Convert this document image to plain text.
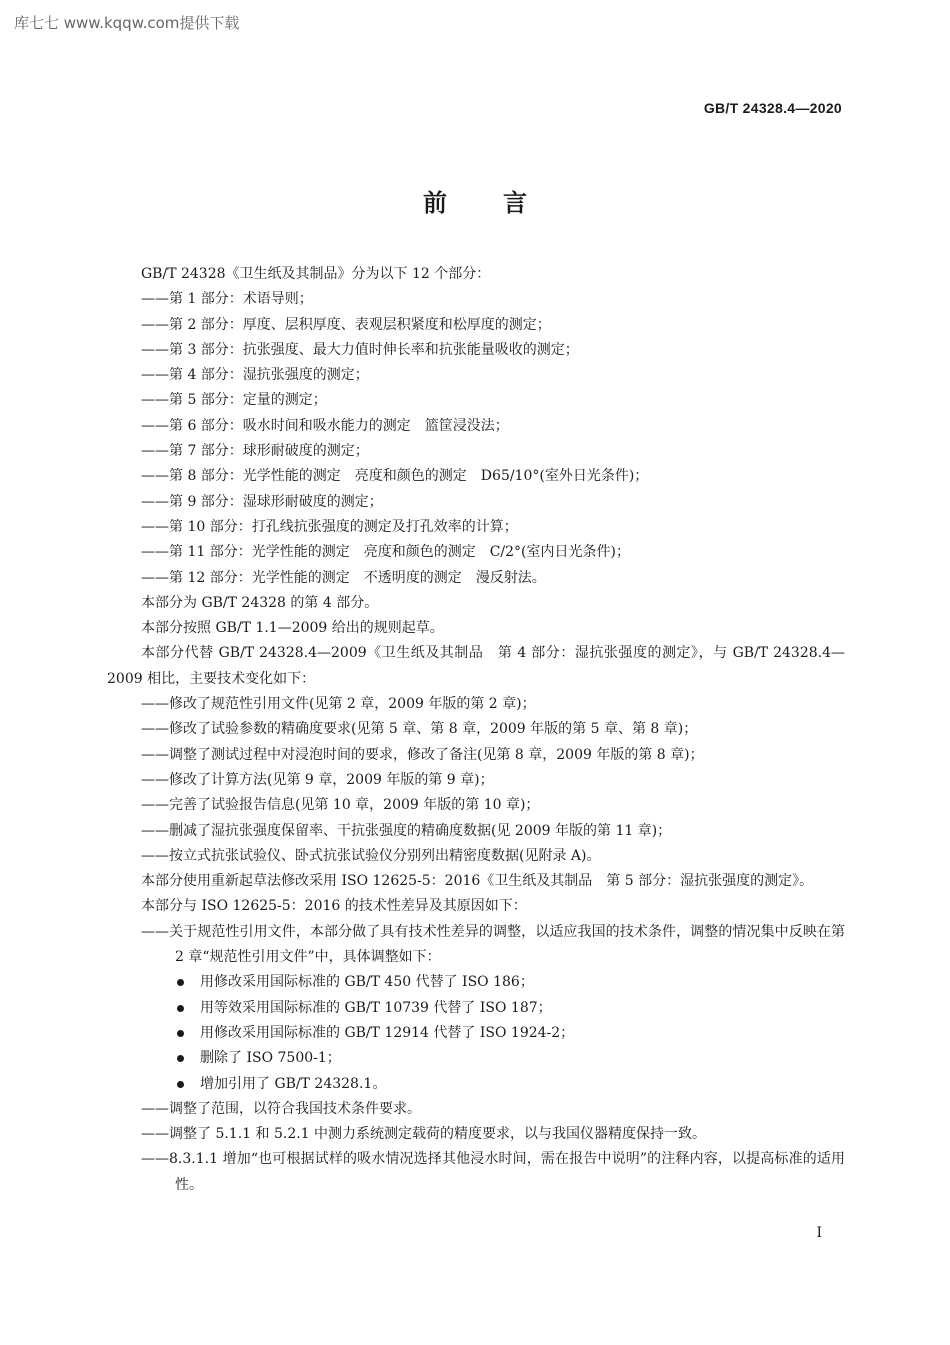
库七七 www.kqqw.com提供下载
GB/T 24328.4—2020
前言

GB/T 24328《卫生纸及其制品》分为以下 12 个部分：

——第 1 部分：术语导则；

——第 2 部分：厚度、层积厚度、表观层积紧度和松厚度的测定；

——第 3 部分：抗张强度、最大力值时伸长率和抗张能量吸收的测定；

——第 4 部分：湿抗张强度的测定；

——第 5 部分：定量的测定；

——第 6 部分：吸水时间和吸水能力的测定　篮筐浸没法；

——第 7 部分：球形耐破度的测定；

——第 8 部分：光学性能的测定　亮度和颜色的测定　D65/10°(室外日光条件)；

——第 9 部分：湿球形耐破度的测定；

——第 10 部分：打孔线抗张强度的测定及打孔效率的计算；

——第 11 部分：光学性能的测定　亮度和颜色的测定　C/2°(室内日光条件)；

——第 12 部分：光学性能的测定　不透明度的测定　漫反射法。

本部分为 GB/T 24328 的第 4 部分。

本部分按照 GB/T 1.1—2009 给出的规则起草。

本部分代替 GB/T 24328.4—2009《卫生纸及其制品　第 4 部分：湿抗张强度的测定》，与 GB/T 24328.4—2009 相比，主要技术变化如下：

——修改了规范性引用文件(见第 2 章，2009 年版的第 2 章)；

——修改了试验参数的精确度要求(见第 5 章、第 8 章，2009 年版的第 5 章、第 8 章)；

——调整了测试过程中对浸泡时间的要求，修改了备注(见第 8 章，2009 年版的第 8 章)；

——修改了计算方法(见第 9 章，2009 年版的第 9 章)；

——完善了试验报告信息(见第 10 章，2009 年版的第 10 章)；

——删减了湿抗张强度保留率、干抗张强度的精确度数据(见 2009 年版的第 11 章)；

——按立式抗张试验仪、卧式抗张试验仪分别列出精密度数据(见附录 A)。

本部分使用重新起草法修改采用 ISO 12625-5：2016《卫生纸及其制品　第 5 部分：湿抗张强度的测定》。

本部分与 ISO 12625-5：2016 的技术性差异及其原因如下：

——关于规范性引用文件，本部分做了具有技术性差异的调整，以适应我国的技术条件，调整的情况集中反映在第 2 章“规范性引用文件”中，具体调整如下：

用修改采用国际标准的 GB/T 450 代替了 ISO 186；
用等效采用国际标准的 GB/T 10739 代替了 ISO 187；
用修改采用国际标准的 GB/T 12914 代替了 ISO 1924-2；
删除了 ISO 7500-1；
增加引用了 GB/T 24328.1。

——调整了范围，以符合我国技术条件要求。

——调整了 5.1.1 和 5.2.1 中测力系统测定载荷的精度要求，以与我国仪器精度保持一致。

——8.3.1.1 增加“也可根据试样的吸水情况选择其他浸水时间，需在报告中说明”的注释内容，以提高标准的适用性。

I
